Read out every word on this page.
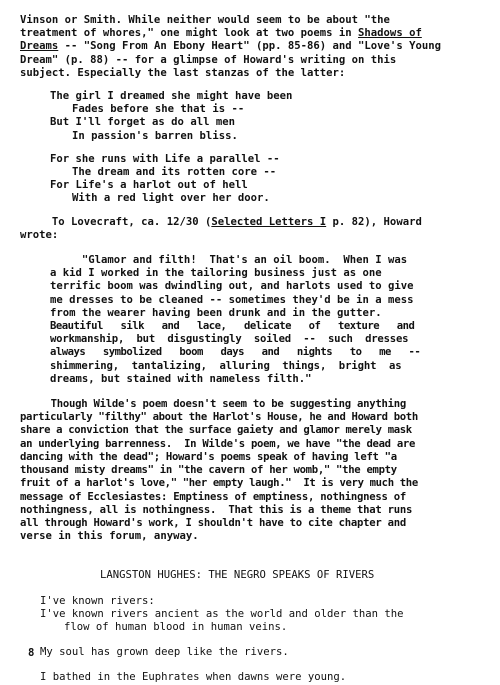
Vinson or Smith. While neither would seem to be about "the

treatment of whores," one might look at two poems in Shadows of

Dreams -- "Song From An Ebony Heart" (pp. 85-86) and "Love's Young

Dream" (p. 88) -- for a glimpse of Howard's writing on this

subject. Especially the last stanzas of the latter:

The girl I dreamed she might have been

Fades before she that is --

But I'll forget as do all men

In passion's barren bliss.

For she runs with Life a parallel --

The dream and its rotten core --

For Life's a harlot out of hell

With a red light over her door.

To Lovecraft, ca. 12/30 (Selected Letters I p. 82), Howard

wrote:

"Glamor and filth!  That's an oil boom.  When I was

a kid I worked in the tailoring business just as one

terrific boom was dwindling out, and harlots used to give

me dresses to be cleaned -- sometimes they'd be in a mess

from the wearer having been drunk and in the gutter.

Beautiful   silk   and   lace,   delicate   of   texture   and

workmanship,  but  disgustingly  soiled  --  such  dresses

always   symbolized   boom   days   and   nights   to   me   --

shimmering,  tantalizing,  alluring  things,  bright  as

dreams, but stained with nameless filth."

Though Wilde's poem doesn't seem to be suggesting anything

particularly "filthy" about the Harlot's House, he and Howard both

share a conviction that the surface gaiety and glamor merely mask

an underlying barrenness.  In Wilde's poem, we have "the dead are

dancing with the dead"; Howard's poems speak of having left "a

thousand misty dreams" in "the cavern of her womb," "the empty

fruit of a harlot's love," "her empty laugh."  It is very much the

message of Ecclesiastes: Emptiness of emptiness, nothingness of

nothingness, all is nothingness.  That this is a theme that runs

all through Howard's work, I shouldn't have to cite chapter and

verse in this forum, anyway.

LANGSTON HUGHES: THE NEGRO SPEAKS OF RIVERS

I've known rivers:

I've known rivers ancient as the world and older than the

flow of human blood in human veins.

My soul has grown deep like the rivers.

I bathed in the Euphrates when dawns were young.

8
